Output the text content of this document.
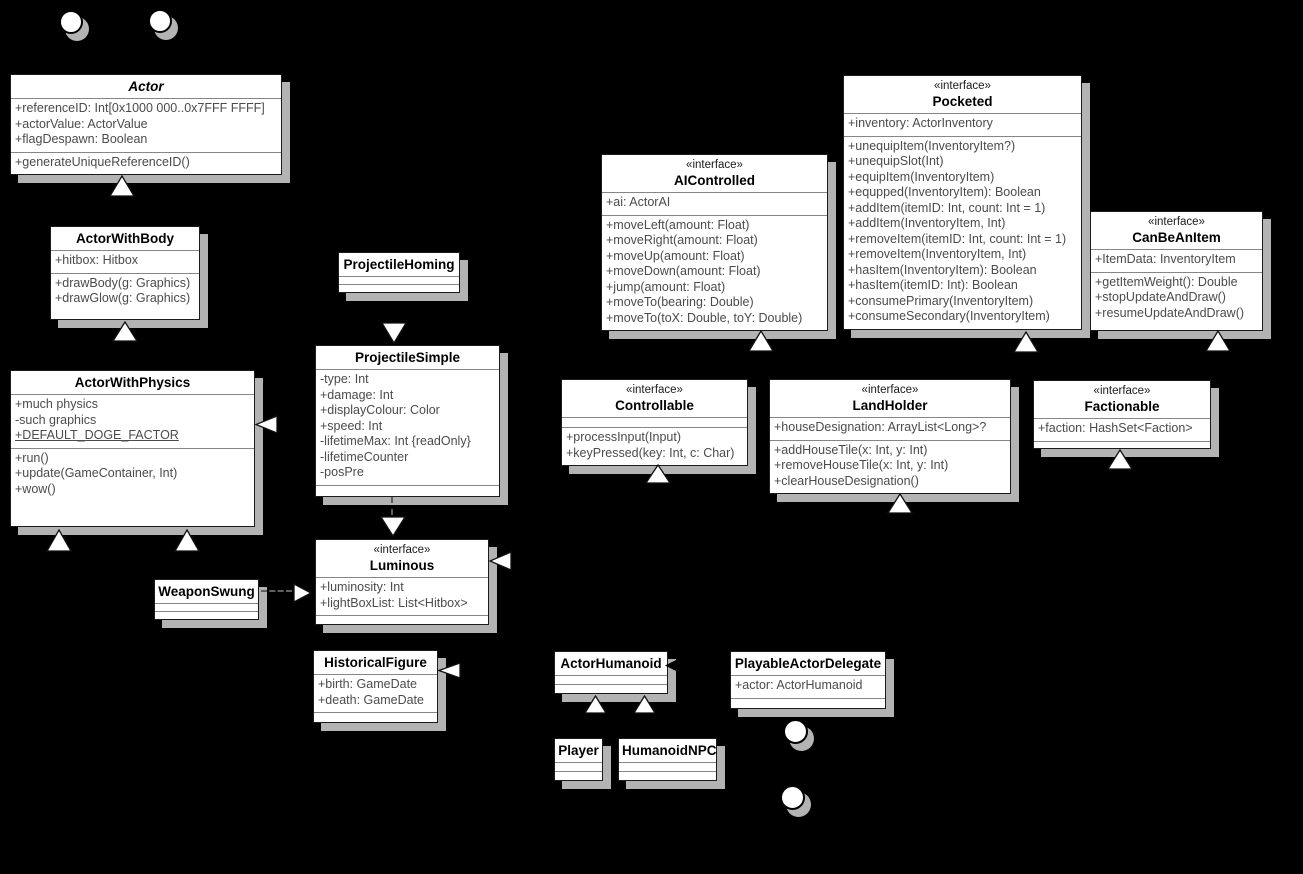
Actor
+referenceID: Int[0x1000 000..0x7FFF FFFF]
+actorValue: ActorValue
+flagDespawn: Boolean
+generateUniqueReferenceID()
ActorWithBody
+hitbox: Hitbox
+drawBody(g: Graphics)
+drawGlow(g: Graphics)
ActorWithPhysics
+much physics
-such graphics
+DEFAULT_DOGE_FACTOR
+run()
+update(GameContainer, Int)
+wow()
ProjectileHoming
ProjectileSimple
-type: Int
+damage: Int
+displayColour: Color
+speed: Int
-lifetimeMax: Int {readOnly}
-lifetimeCounter
-posPre
«interface»
Luminous
+luminosity: Int
+lightBoxList: List<Hitbox>
WeaponSwung
HistoricalFigure
+birth: GameDate
+death: GameDate
«interface»
AIControlled
+ai: ActorAI
+moveLeft(amount: Float)
+moveRight(amount: Float)
+moveUp(amount: Float)
+moveDown(amount: Float)
+jump(amount: Float)
+moveTo(bearing: Double)
+moveTo(toX: Double, toY: Double)
«interface»
Pocketed
+inventory: ActorInventory
+unequipItem(InventoryItem?)
+unequipSlot(Int)
+equipItem(InventoryItem)
+equpped(InventoryItem): Boolean
+addItem(itemID: Int, count: Int = 1)
+addItem(InventoryItem, Int)
+removeItem(itemID: Int, count: Int = 1)
+removeItem(InventoryItem, Int)
+hasItem(InventoryItem): Boolean
+hasItem(itemID: Int): Boolean
+consumePrimary(InventoryItem)
+consumeSecondary(InventoryItem)
«interface»
CanBeAnItem
+ItemData: InventoryItem
+getItemWeight(): Double
+stopUpdateAndDraw()
+resumeUpdateAndDraw()
«interface»
Controllable
+processInput(Input)
+keyPressed(key: Int, c: Char)
«interface»
LandHolder
+houseDesignation: ArrayList<Long>?
+addHouseTile(x: Int, y: Int)
+removeHouseTile(x: Int, y: Int)
+clearHouseDesignation()
«interface»
Factionable
+faction: HashSet<Faction>
ActorHumanoid	PlayableActorDelegate
+actor: ActorHumanoid
Player HumanoidNPC
